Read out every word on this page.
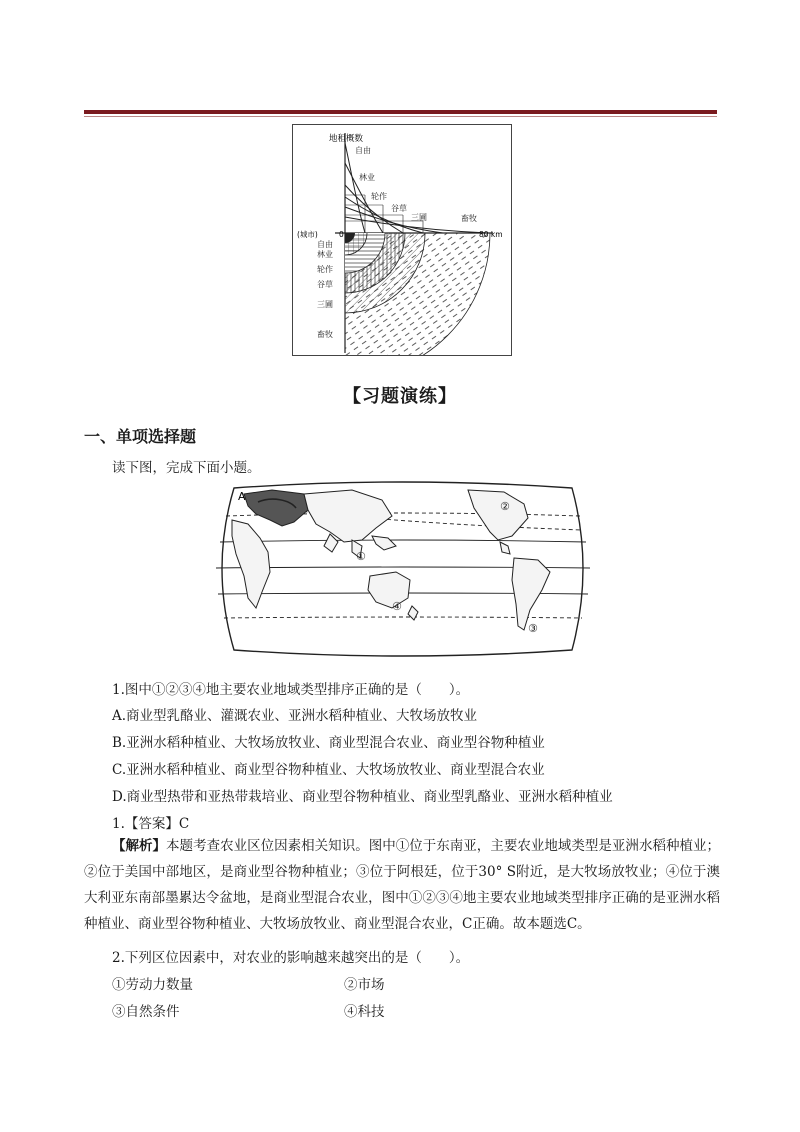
地租概数
自由
林业
轮作
谷草
三圃	畜牧
(城市)	0	80 km
自由
林业
轮作
谷草
三圃
畜牧
【习题演练】
一、单项选择题
读下图，完成下面小题。
A
①
②
③
④
1.图中①②③④地主要农业地域类型排序正确的是（　　）。
A.商业型乳酪业、灌溉农业、亚洲水稻种植业、大牧场放牧业
B.亚洲水稻种植业、大牧场放牧业、商业型混合农业、商业型谷物种植业
C.亚洲水稻种植业、商业型谷物种植业、大牧场放牧业、商业型混合农业
D.商业型热带和亚热带栽培业、商业型谷物种植业、商业型乳酪业、亚洲水稻种植业
1.【答案】C
【解析】本题考查农业区位因素相关知识。图中①位于东南亚，主要农业地域类型是亚洲水稻种植业；②位于美国中部地区，是商业型谷物种植业；③位于阿根廷，位于30° S附近，是大牧场放牧业；④位于澳大利亚东南部墨累达令盆地，是商业型混合农业，图中①②③④地主要农业地域类型排序正确的是亚洲水稻种植业、商业型谷物种植业、大牧场放牧业、商业型混合农业，C正确。故本题选C。
2.下列区位因素中，对农业的影响越来越突出的是（　　）。
①劳动力数量	②市场
③自然条件	④科技
